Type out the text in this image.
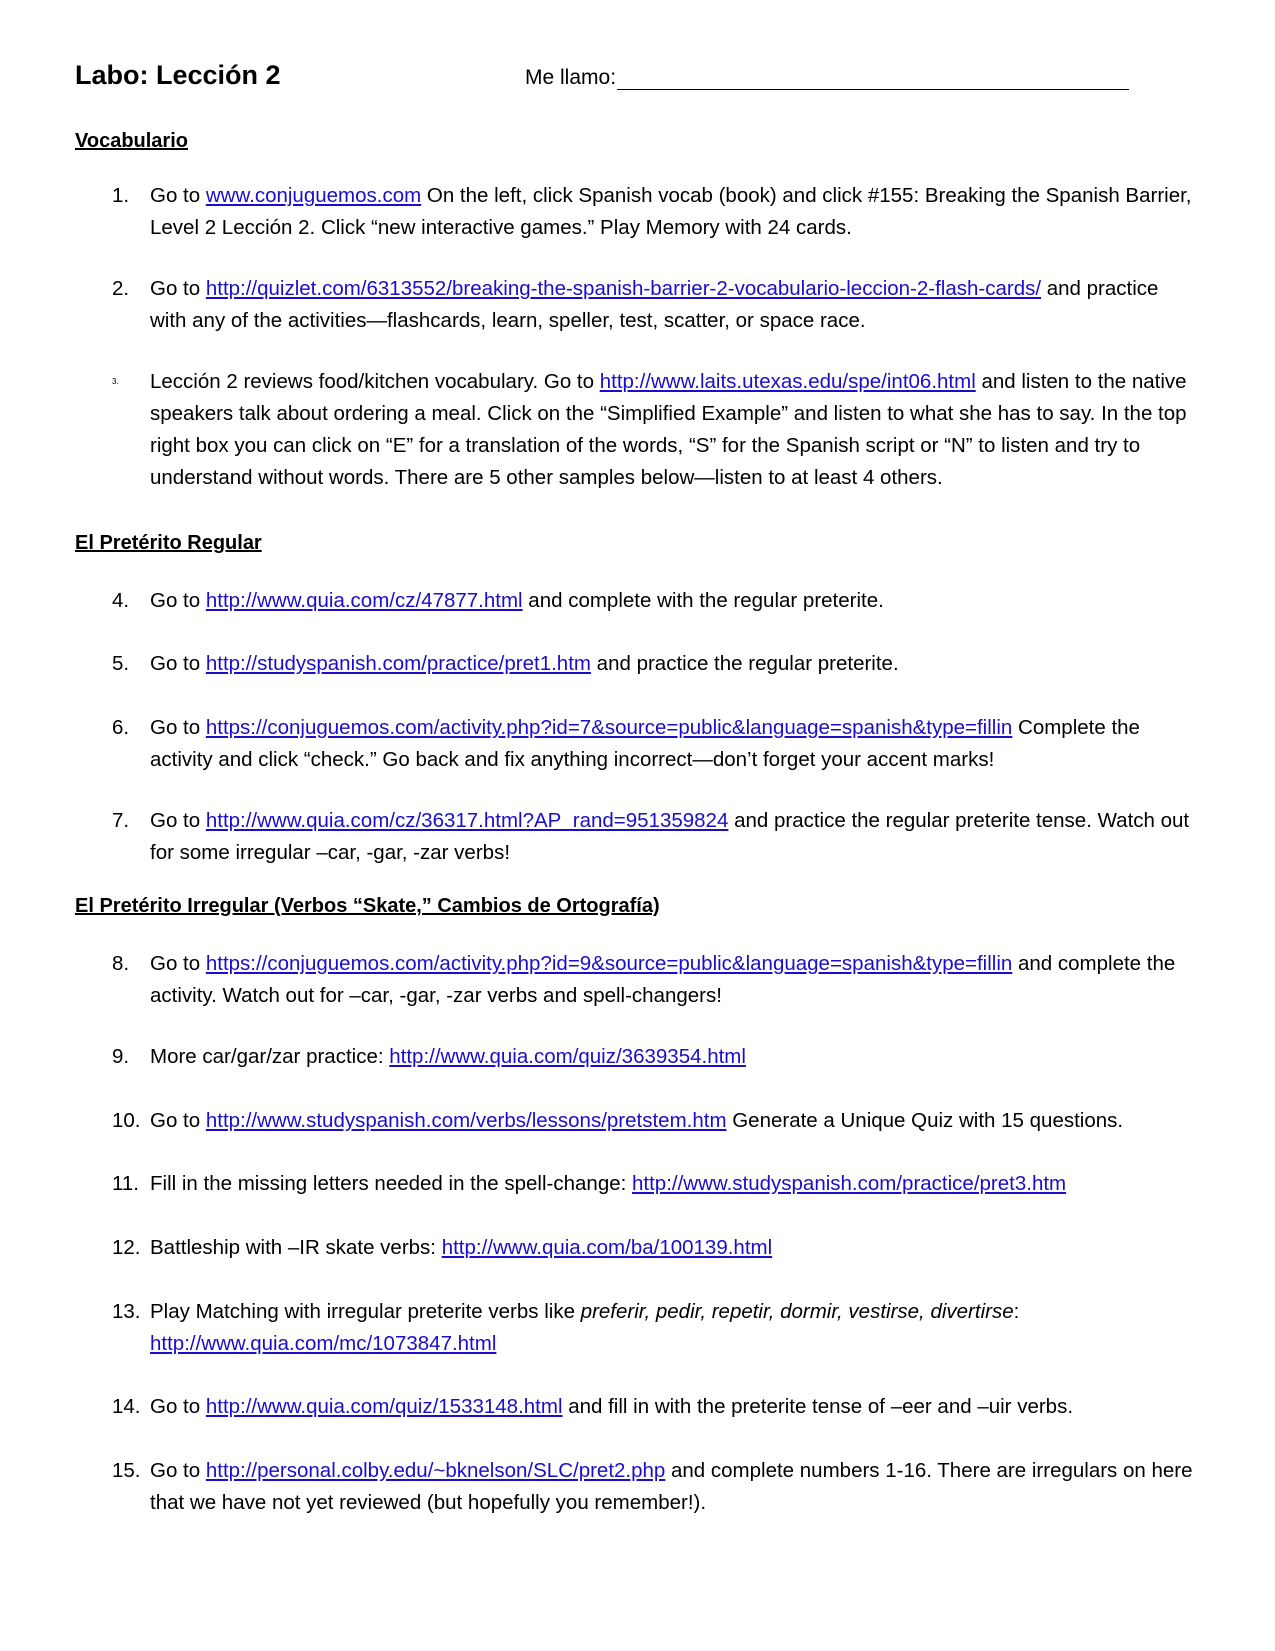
Labo: Lección 2	Me llamo:
Vocabulario
1.	Go to www.conjuguemos.com On the left, click Spanish vocab (book) and click #155: Breaking the Spanish Barrier, Level 2 Lección 2. Click “new interactive games.” Play Memory with 24 cards.
2.	Go to http://quizlet.com/6313552/breaking-the-spanish-barrier-2-vocabulario-leccion-2-flash-cards/ and practice with any of the activities—flashcards, learn, speller, test, scatter, or space race.
3.	Lección 2 reviews food/kitchen vocabulary. Go to http://www.laits.utexas.edu/spe/int06.html and listen to the native speakers talk about ordering a meal. Click on the “Simplified Example” and listen to what she has to say. In the top right box you can click on “E” for a translation of the words, “S” for the Spanish script or “N” to listen and try to understand without words. There are 5 other samples below—listen to at least 4 others.
El Pretérito Regular
4.	Go to http://www.quia.com/cz/47877.html and complete with the regular preterite.
5.	Go to http://studyspanish.com/practice/pret1.htm and practice the regular preterite.
6.	Go to https://conjuguemos.com/activity.php?id=7&source=public&language=spanish&type=fillin Complete the activity and click “check.” Go back and fix anything incorrect—don’t forget your accent marks!
7.	Go to http://www.quia.com/cz/36317.html?AP_rand=951359824 and practice the regular preterite tense. Watch out for some irregular –car, -gar, -zar verbs!
El Pretérito Irregular (Verbos “Skate,” Cambios de Ortografía)
8.	Go to https://conjuguemos.com/activity.php?id=9&source=public&language=spanish&type=fillin and complete the activity. Watch out for –car, -gar, -zar verbs and spell-changers!
9.	More car/gar/zar practice: http://www.quia.com/quiz/3639354.html
10. Go to http://www.studyspanish.com/verbs/lessons/pretstem.htm Generate a Unique Quiz with 15 questions.
11. Fill in the missing letters needed in the spell-change: http://www.studyspanish.com/practice/pret3.htm
12. Battleship with –IR skate verbs: http://www.quia.com/ba/100139.html
13. Play Matching with irregular preterite verbs like preferir, pedir, repetir, dormir, vestirse, divertirse:
http://www.quia.com/mc/1073847.html
14. Go to http://www.quia.com/quiz/1533148.html and fill in with the preterite tense of –eer and –uir verbs.
15. Go to http://personal.colby.edu/~bknelson/SLC/pret2.php and complete numbers 1-16. There are irregulars on here that we have not yet reviewed (but hopefully you remember!).
